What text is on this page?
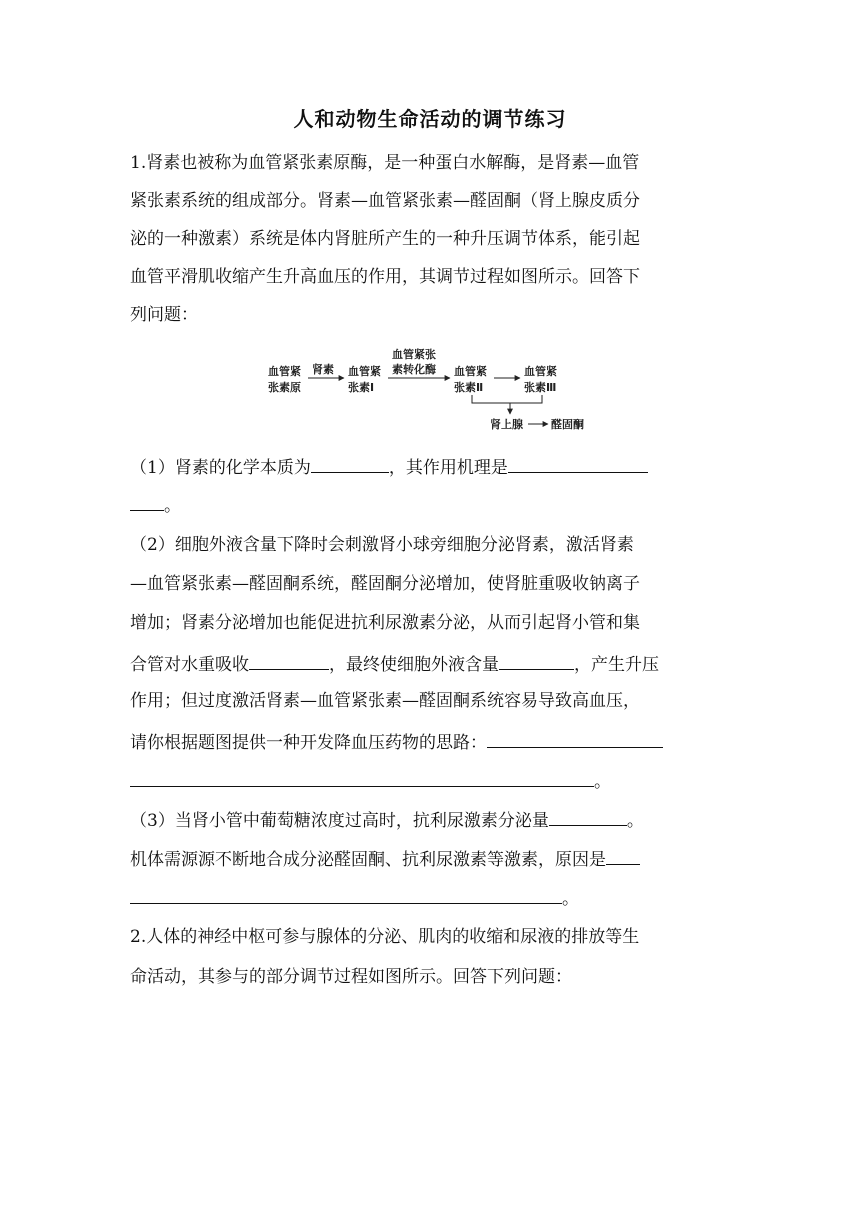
人和动物生命活动的调节练习
1.肾素也被称为血管紧张素原酶，是一种蛋白水解酶，是肾素—血管
紧张素系统的组成部分。肾素—血管紧张素—醛固酮（肾上腺皮质分
泌的一种激素）系统是体内肾脏所产生的一种升压调节体系，能引起
血管平滑肌收缩产生升高血压的作用，其调节过程如图所示。回答下
列问题：
血管紧
张素原
肾素 血管紧
张素Ⅰ
血管紧张
素转化酶 血管紧
张素Ⅱ
血管紧
张素Ⅲ
肾上腺	醛固酮
（1）肾素的化学本质为	，其作用机理是
。
（2）细胞外液含量下降时会刺激肾小球旁细胞分泌肾素，激活肾素
—血管紧张素—醛固酮系统，醛固酮分泌增加，使肾脏重吸收钠离子
增加；肾素分泌增加也能促进抗利尿激素分泌，从而引起肾小管和集
合管对水重吸收	，最终使细胞外液含量	，产生升压
作用；但过度激活肾素—血管紧张素—醛固酮系统容易导致高血压，
请你根据题图提供一种开发降血压药物的思路：
。
（3）当肾小管中葡萄糖浓度过高时，抗利尿激素分泌量	。
机体需源源不断地合成分泌醛固酮、抗利尿激素等激素，原因是
。
2.人体的神经中枢可参与腺体的分泌、肌肉的收缩和尿液的排放等生
命活动，其参与的部分调节过程如图所示。回答下列问题：
